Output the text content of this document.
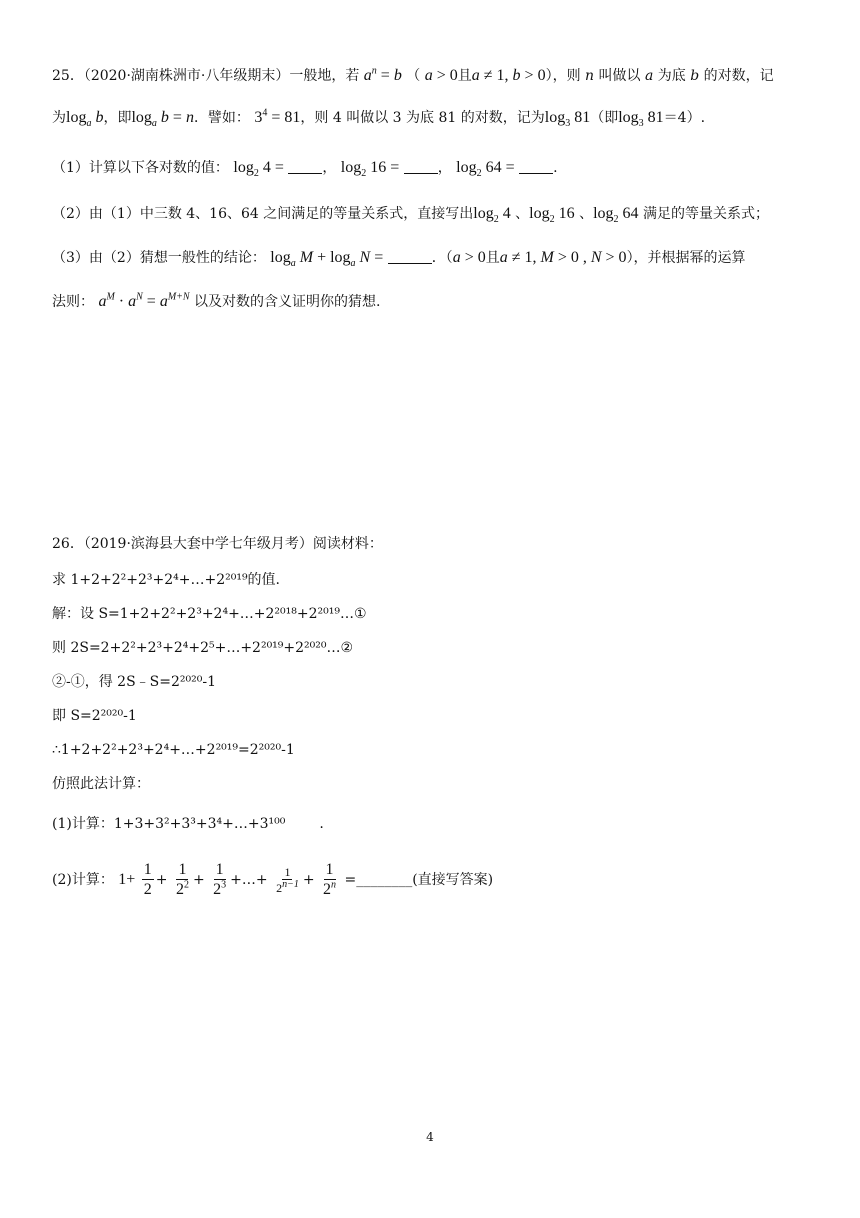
25．（2020·湖南株洲市·八年级期末）一般地，若 $a^n = b$ （ a > 0且a ≠ 1, b > 0），则 n 叫做以 a 为底 b 的对数，记
为$\log_a b$，即$\log_a b = n$．譬如： $3^4 = 81$，则 4 叫做以 3 为底 81 的对数，记为$\log_3 81$（即$\log_3 81=4$）.
（1）计算以下各对数的值： $\log_2 4$ =	， $\log_2 16$ =	， $\log_2 64$ =	.
（2）由（1）中三数 4、16、64 之间满足的等量关系式，直接写出$\log_2 4$ 、$\log_2 16$ 、$\log_2 64$ 满足的等量关系式；
（3）由（2）猜想一般性的结论： $\log_a M + \log_a N$ =	．（a > 0且a ≠ 1, M > 0 , N > 0），并根据幂的运算
法则： $a^M \cdot a^N = a^{M+N}$ 以及对数的含义证明你的猜想.
26．（2019·滨海县大套中学七年级月考）阅读材料：
求 1+2+2²+2³+2⁴+…+2²⁰¹⁹的值.
解：设 S=1+2+2²+2³+2⁴+…+2²⁰¹⁸+2²⁰¹⁹…①
则 2S=2+2²+2³+2⁴+2⁵+…+2²⁰¹⁹+2²⁰²⁰…②
②-①，得 2S﹣S=2²⁰²⁰-1
即 S=2²⁰²⁰-1
∴1+2+2²+2³+2⁴+…+2²⁰¹⁹=2²⁰²⁰-1
仿照此法计算：
(1)计算：1+3+3²+3³+3⁴+…+3¹⁰⁰ .
(2)计算： $1+ \frac{1}{2} + \frac{1}{2^2} + \frac{1}{2^3}$ +…+ $\frac{1}{2^{n-1}} + \frac{1}{2^n}$ =________(直接写答案)
4
